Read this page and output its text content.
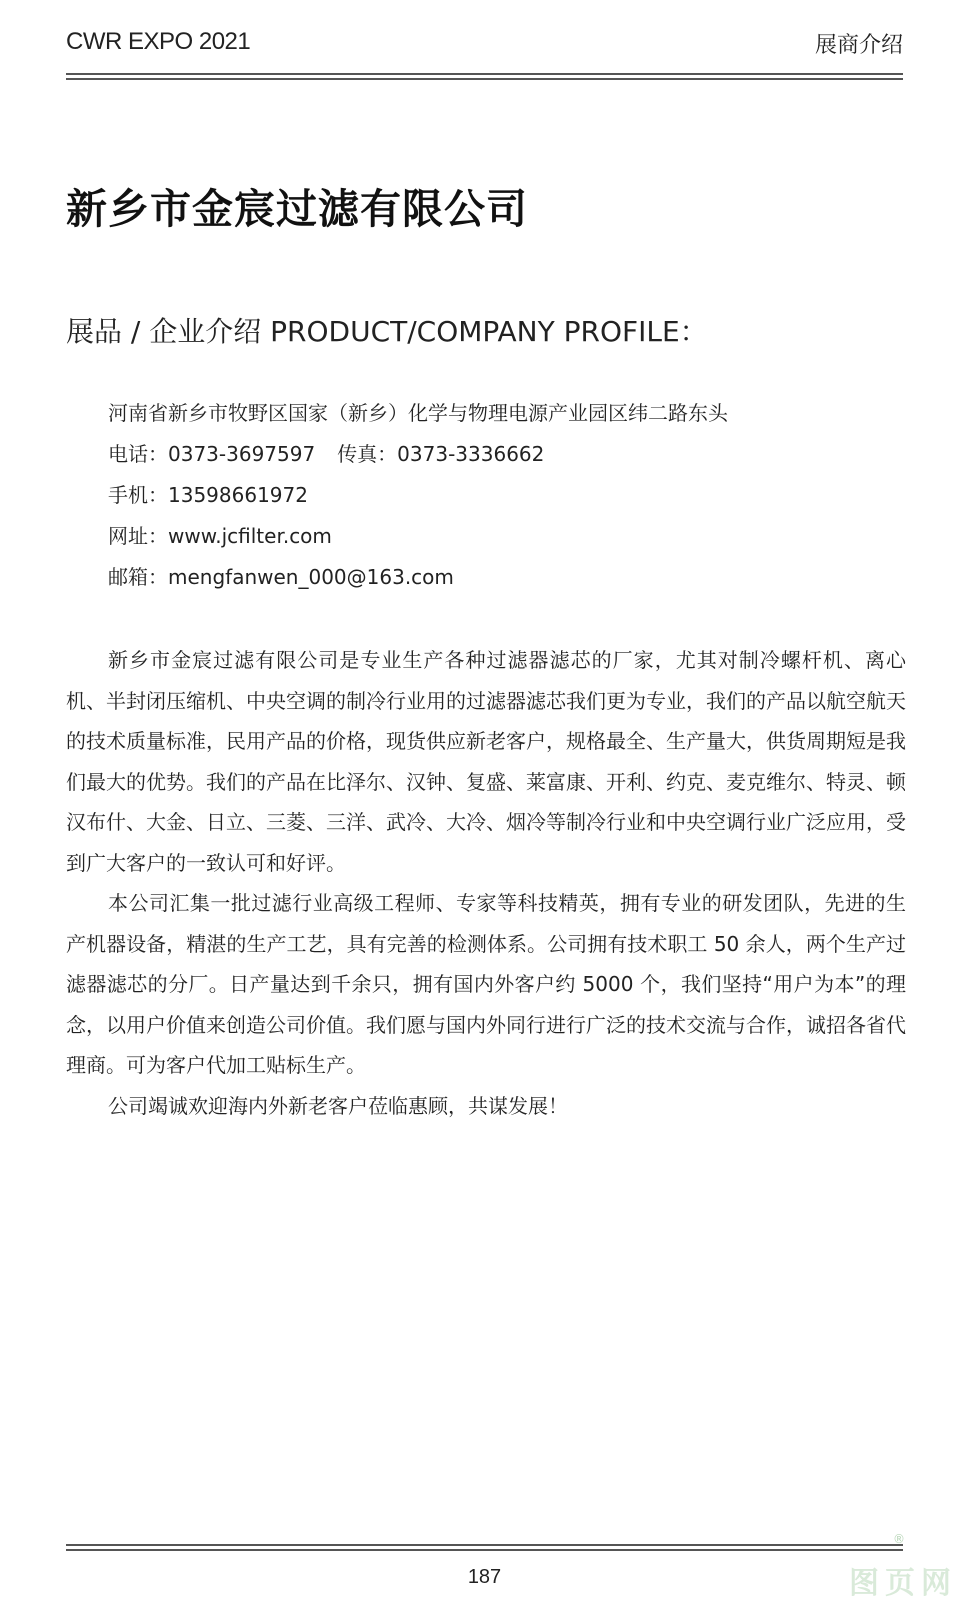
CWR EXPO 2021	展商介绍
新乡市金宸过滤有限公司
展品 / 企业介绍 PRODUCT/COMPANY PROFILE：
河南省新乡市牧野区国家（新乡）化学与物理电源产业园区纬二路东头
电话：0373-3697597 传真：0373-3336662
手机：13598661972
网址：www.jcfilter.com
邮箱：mengfanwen_000@163.com

新乡市金宸过滤有限公司是专业生产各种过滤器滤芯的厂家，尤其对制冷螺杆机、离心机、半封闭压缩机、中央空调的制冷行业用的过滤器滤芯我们更为专业，我们的产品以航空航天的技术质量标准，民用产品的价格，现货供应新老客户，规格最全、生产量大，供货周期短是我们最大的优势。我们的产品在比泽尔、汉钟、复盛、莱富康、开利、约克、麦克维尔、特灵、顿汉布什、大金、日立、三菱、三洋、武冷、大冷、烟冷等制冷行业和中央空调行业广泛应用，受到广大客户的一致认可和好评。

本公司汇集一批过滤行业高级工程师、专家等科技精英，拥有专业的研发团队，先进的生产机器设备，精湛的生产工艺，具有完善的检测体系。公司拥有技术职工 50 余人，两个生产过滤器滤芯的分厂。日产量达到千余只，拥有国内外客户约 5000 个，我们坚持“用户为本”的理念，以用户价值来创造公司价值。我们愿与国内外同行进行广泛的技术交流与合作，诚招各省代理商。可为客户代加工贴标生产。

公司竭诚欢迎海内外新老客户莅临惠顾，共谋发展！

187
®
图页网
